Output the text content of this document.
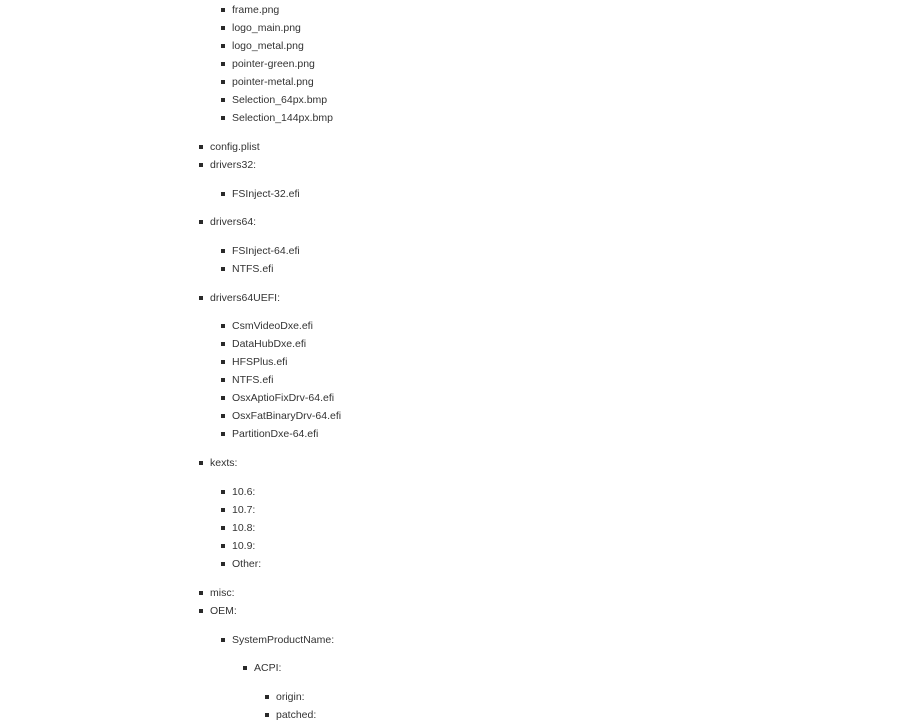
frame.png
logo_main.png
logo_metal.png
pointer-green.png
pointer-metal.png
Selection_64px.bmp
Selection_144px.bmp
config.plist
drivers32:
FSInject-32.efi
drivers64:
FSInject-64.efi
NTFS.efi
drivers64UEFI:
CsmVideoDxe.efi
DataHubDxe.efi
HFSPlus.efi
NTFS.efi
OsxAptioFixDrv-64.efi
OsxFatBinaryDrv-64.efi
PartitionDxe-64.efi
kexts:
10.6:
10.7:
10.8:
10.9:
Other:
misc:
OEM:
SystemProductName:
ACPI:
origin:
patched:
